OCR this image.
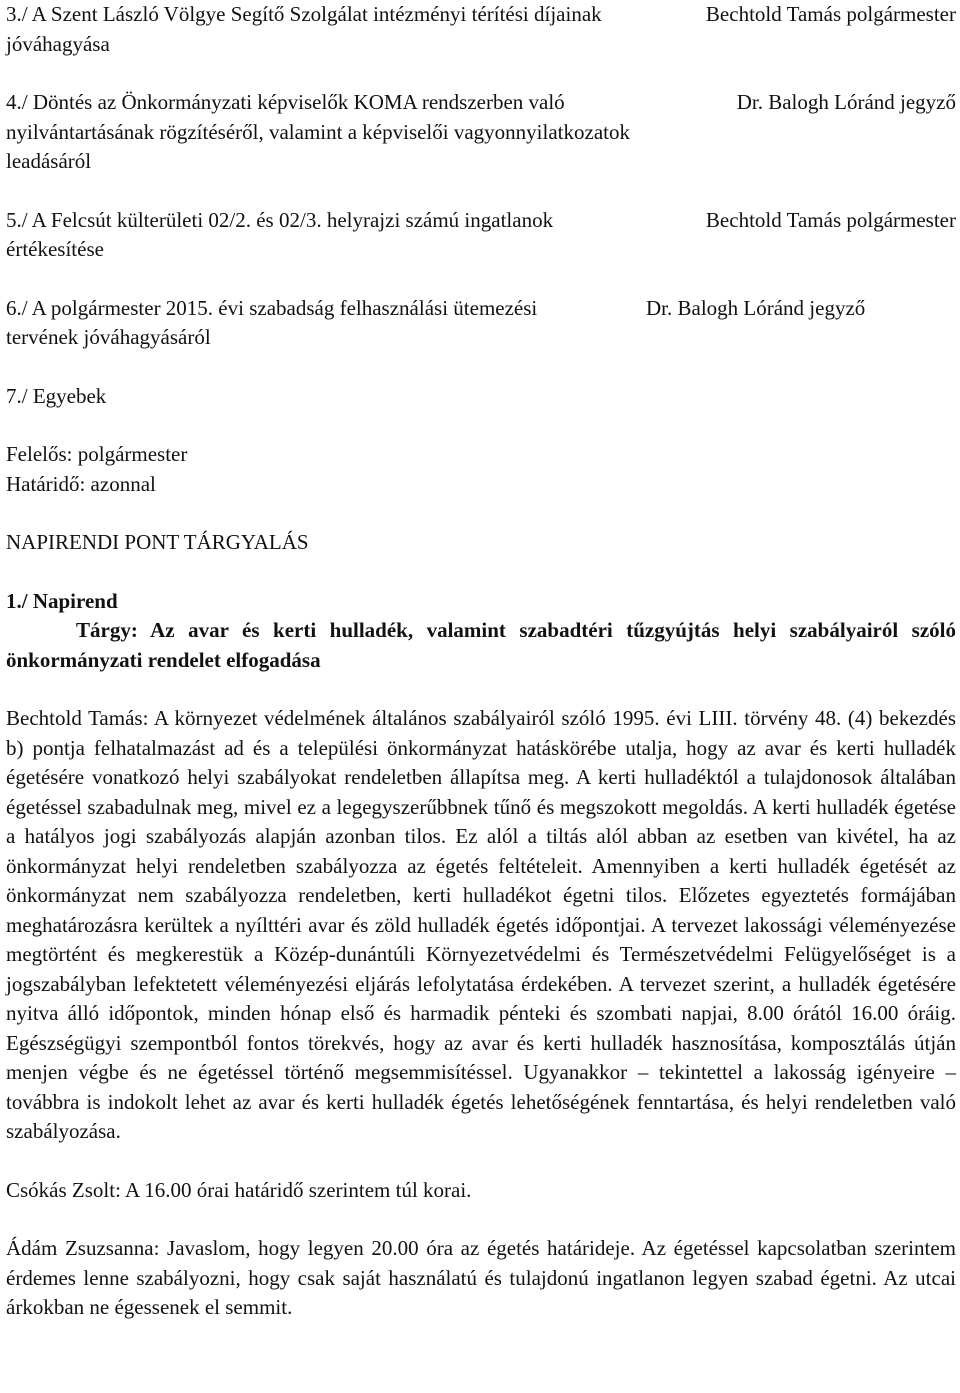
3./ A Szent László Völgye Segítő Szolgálat intézményi térítési díjainak jóváhagyása
Bechtold Tamás polgármester
4./ Döntés az Önkormányzati képviselők KOMA rendszerben való nyilvántartásának rögzítéséről, valamint a képviselői vagyonnyilatkozatok leadásáról
Dr. Balogh Lóránd jegyző
5./ A Felcsút külterületi 02/2. és 02/3. helyrajzi számú ingatlanok értékesítése
Bechtold Tamás polgármester
6./ A polgármester 2015. évi szabadság felhasználási ütemezési tervének jóváhagyásáról
Dr. Balogh Lóránd jegyző
7./ Egyebek
Felelős: polgármester
Határidő: azonnal
NAPIRENDI PONT TÁRGYALÁS
1./ Napirend
Tárgy: Az avar és kerti hulladék, valamint szabadtéri tűzgyújtás helyi szabályairól szóló önkormányzati rendelet elfogadása
Bechtold Tamás: A környezet védelmének általános szabályairól szóló 1995. évi LIII. törvény 48. (4) bekezdés b) pontja felhatalmazást ad és a települési önkormányzat hatáskörébe utalja, hogy az avar és kerti hulladék égetésére vonatkozó helyi szabályokat rendeletben állapítsa meg. A kerti hulladéktól a tulajdonosok általában égetéssel szabadulnak meg, mivel ez a legegyszerűbbnek tűnő és megszokott megoldás. A kerti hulladék égetése a hatályos jogi szabályozás alapján azonban tilos. Ez alól a tiltás alól abban az esetben van kivétel, ha az önkormányzat helyi rendeletben szabályozza az égetés feltételeit. Amennyiben a kerti hulladék égetését az önkormányzat nem szabályozza rendeletben, kerti hulladékot égetni tilos. Előzetes egyeztetés formájában meghatározásra kerültek a nyílttéri avar és zöld hulladék égetés időpontjai. A tervezet lakossági véleményezése megtörtént és megkerestük a Közép-dunántúli Környezetvédelmi és Természetvédelmi Felügyelőséget is a jogszabályban lefektetett véleményezési eljárás lefolytatása érdekében. A tervezet szerint, a hulladék égetésére nyitva álló időpontok, minden hónap első és harmadik pénteki és szombati napjai, 8.00 órától 16.00 óráig. Egészségügyi szempontból fontos törekvés, hogy az avar és kerti hulladék hasznosítása, komposztálás útján menjen végbe és ne égetéssel történő megsemmisítéssel. Ugyanakkor – tekintettel a lakosság igényeire – továbbra is indokolt lehet az avar és kerti hulladék égetés lehetőségének fenntartása, és helyi rendeletben való szabályozása.
Csókás Zsolt: A 16.00 órai határidő szerintem túl korai.
Ádám Zsuzsanna: Javaslom, hogy legyen 20.00 óra az égetés határideje. Az égetéssel kapcsolatban szerintem érdemes lenne szabályozni, hogy csak saját használatú és tulajdonú ingatlanon legyen szabad égetni. Az utcai árkokban ne égessenek el semmit.
